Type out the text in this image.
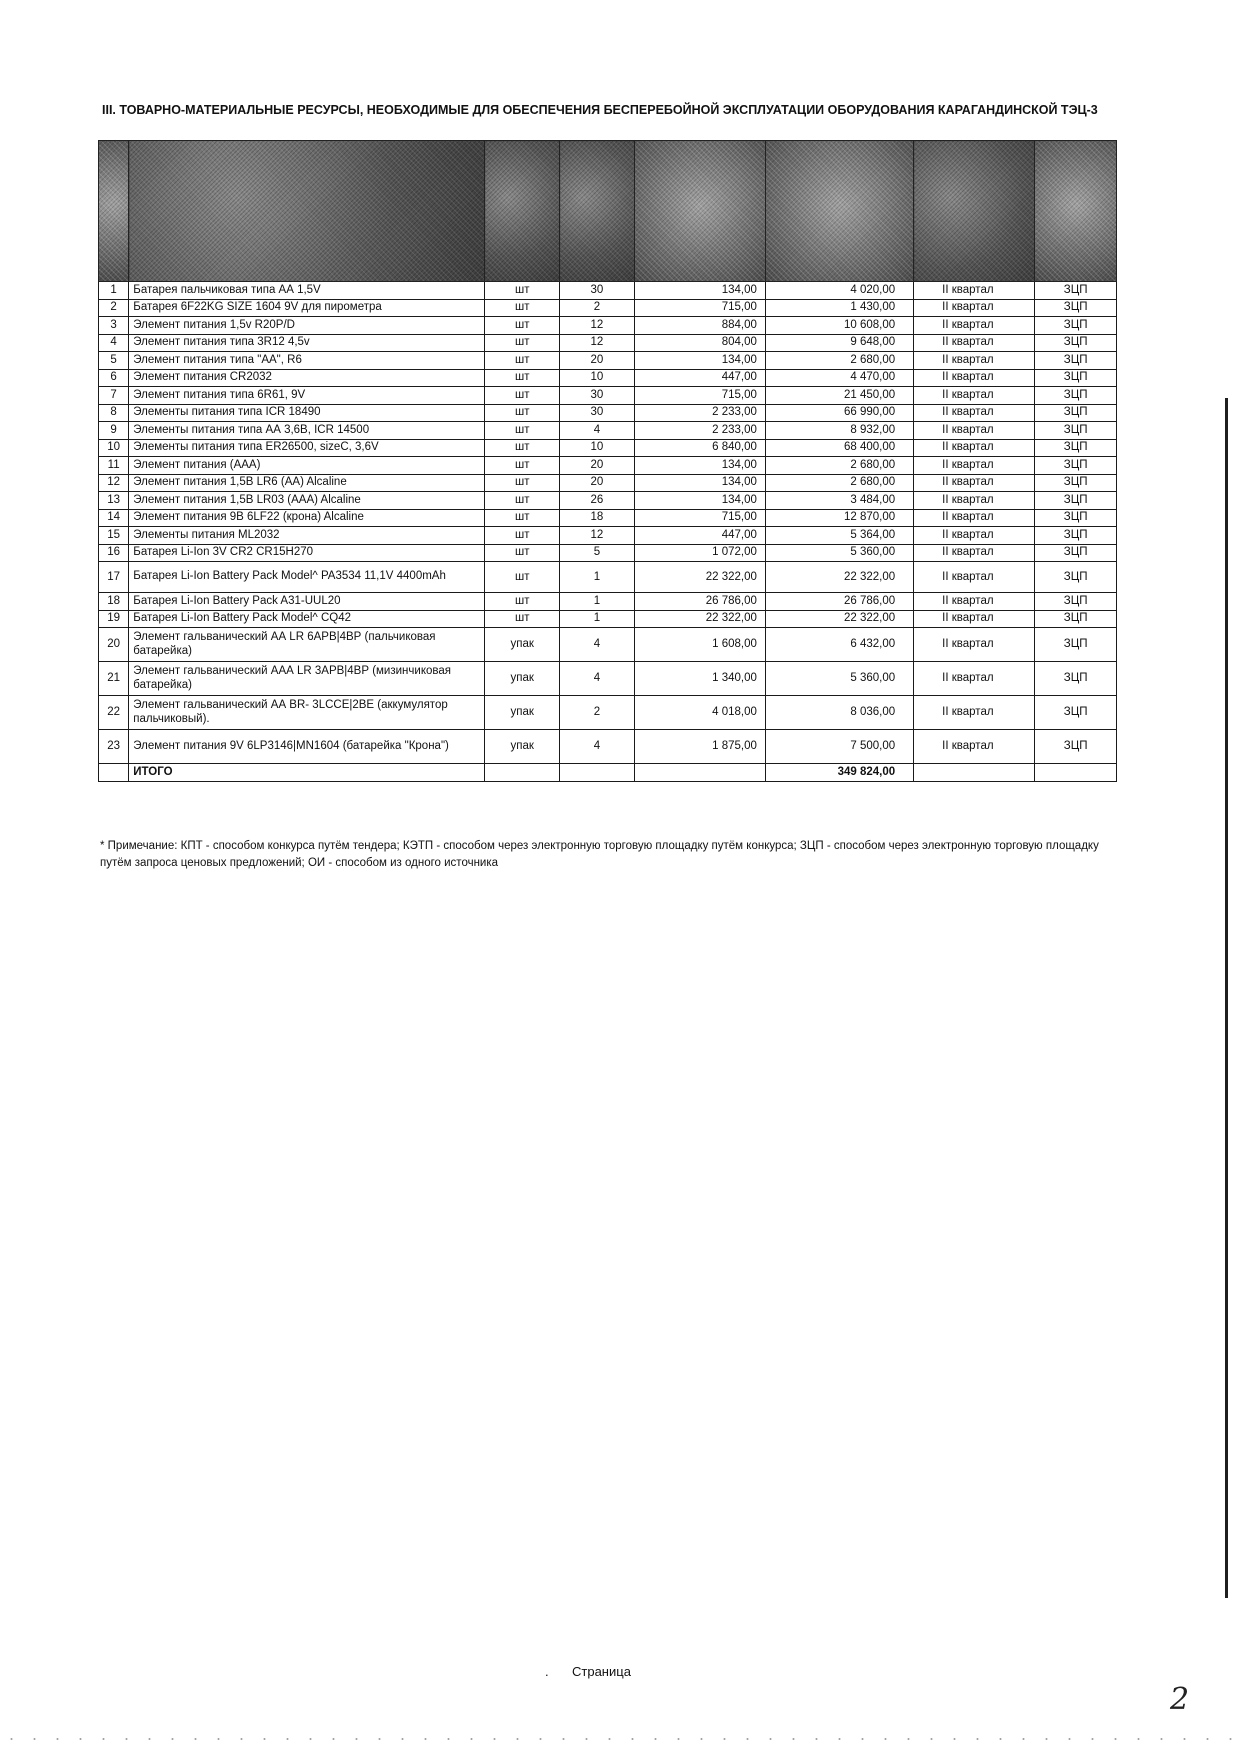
III. ТОВАРНО-МАТЕРИАЛЬНЫЕ РЕСУРСЫ, НЕОБХОДИМЫЕ ДЛЯ ОБЕСПЕЧЕНИЯ БЕСПЕРЕБОЙНОЙ ЭКСПЛУАТАЦИИ ОБОРУДОВАНИЯ КАРАГАНДИНСКОЙ ТЭЦ-3

1	Батарея пальчиковая типа АА 1,5V	шт	30	134,00	4 020,00	II квартал	ЗЦП
2	Батарея 6F22KG SIZE 1604 9V для пирометра	шт	2	715,00	1 430,00	II квартал	ЗЦП
3	Элемент питания 1,5v R20P/D	шт	12	884,00	10 608,00	II квартал	ЗЦП
4	Элемент питания типа 3R12 4,5v	шт	12	804,00	9 648,00	II квартал	ЗЦП
5	Элемент питания типа "АА", R6	шт	20	134,00	2 680,00	II квартал	ЗЦП
6	Элемент питания CR2032	шт	10	447,00	4 470,00	II квартал	ЗЦП
7	Элемент питания типа 6R61, 9V	шт	30	715,00	21 450,00	II квартал	ЗЦП
8	Элементы питания типа ICR 18490	шт	30	2 233,00	66 990,00	II квартал	ЗЦП
9	Элементы питания типа АА 3,6В, ICR 14500	шт	4	2 233,00	8 932,00	II квартал	ЗЦП
10	Элементы питания типа ER26500, sizeC, 3,6V	шт	10	6 840,00	68 400,00	II квартал	ЗЦП
11	Элемент питания (ААА)	шт	20	134,00	2 680,00	II квартал	ЗЦП
12	Элемент питания 1,5В LR6 (АА) Alcaline	шт	20	134,00	2 680,00	II квартал	ЗЦП
13	Элемент питания 1,5В LR03 (ААА) Alcaline	шт	26	134,00	3 484,00	II квартал	ЗЦП
14	Элемент питания 9В 6LF22 (крона) Alcaline	шт	18	715,00	12 870,00	II квартал	ЗЦП
15	Элементы питания ML2032	шт	12	447,00	5 364,00	II квартал	ЗЦП
16	Батарея Li-Ion 3V CR2 CR15H270	шт	5	1 072,00	5 360,00	II квартал	ЗЦП
17	Батарея Li-Ion Battery Pack Model^ PA3534 11,1V 4400mAh	шт	1	22 322,00	22 322,00	II квартал	ЗЦП
18	Батарея Li-Ion Battery Pack A31-UUL20	шт	1	26 786,00	26 786,00	II квартал	ЗЦП
19	Батарея Li-Ion Battery Pack Model^ CQ42	шт	1	22 322,00	22 322,00	II квартал	ЗЦП
20	Элемент гальванический АА LR 6АРВ|4ВР (пальчиковая батарейка)	упак	4	1 608,00	6 432,00	II квартал	ЗЦП
21	Элемент гальванический ААА LR 3АРВ|4ВР (мизинчиковая батарейка)	упак	4	1 340,00	5 360,00	II квартал	ЗЦП
22	Элемент гальванический АА BR- 3LCCE|2BE (аккумулятор пальчиковый).	упак	2	4 018,00	8 036,00	II квартал	ЗЦП
23	Элемент питания 9V 6LP3146|MN1604 (батарейка "Крона")	упак	4	1 875,00	7 500,00	II квартал	ЗЦП
	ИТОГО				349 824,00		
* Примечание: КПТ - способом конкурса путём тендера; КЭТП - способом через электронную торговую площадку путём конкурса; ЗЦП - способом через электронную торговую площадку путём запроса ценовых предложений; ОИ - способом из одного источника
. Страница
2
